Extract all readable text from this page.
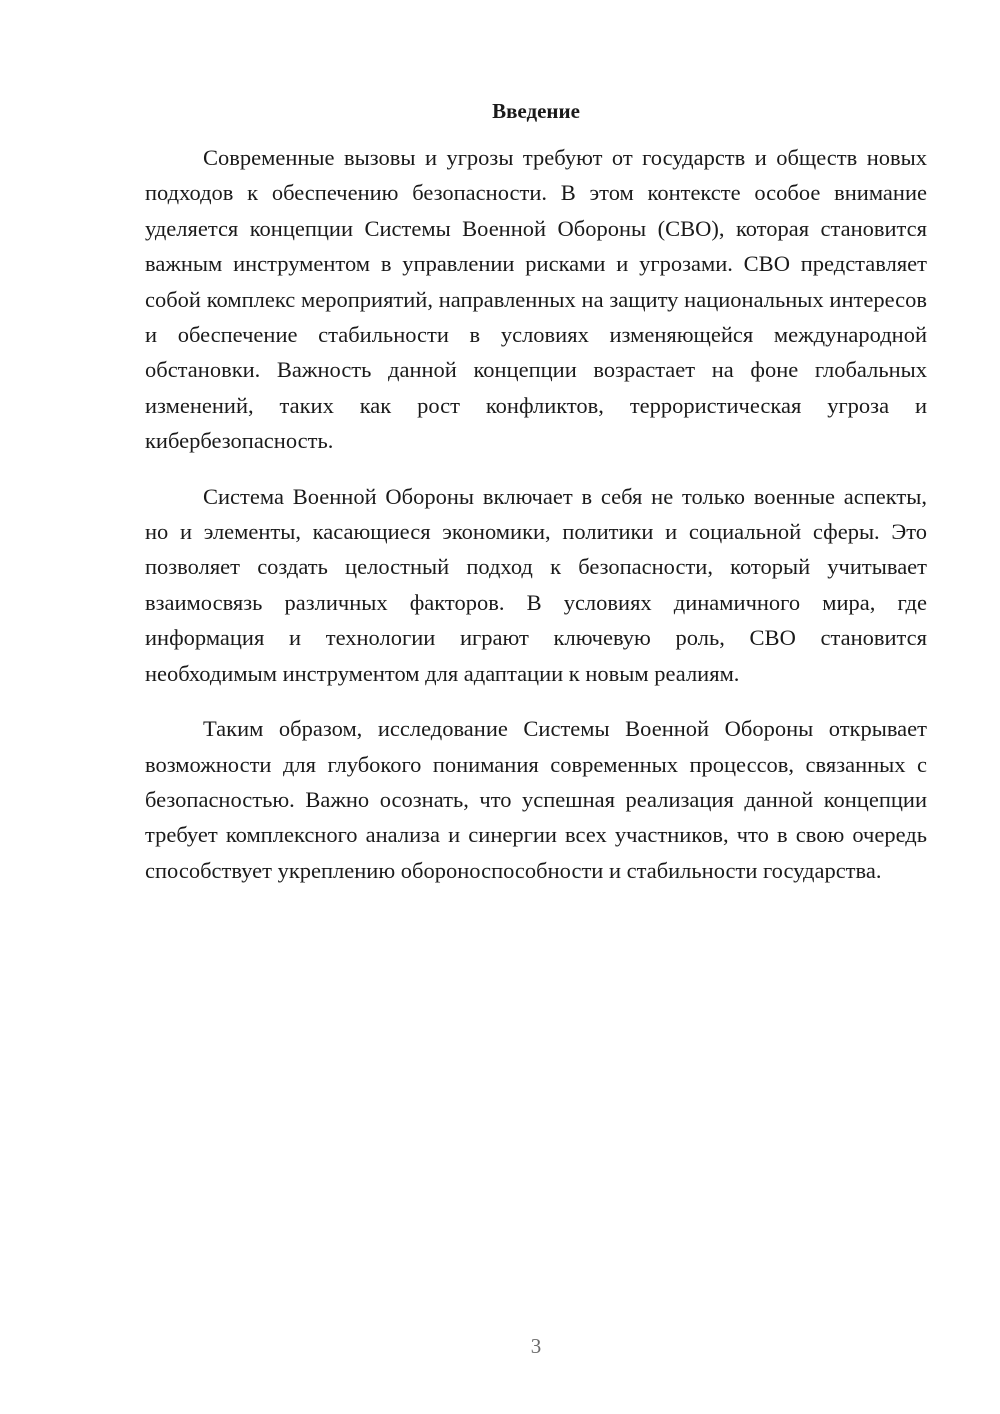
Введение

Современные вызовы и угрозы требуют от государств и обществ новых подходов к обеспечению безопасности. В этом контексте особое внимание уделяется концепции Системы Военной Обороны (СВО), которая становится важным инструментом в управлении рисками и угрозами. СВО представляет собой комплекс мероприятий, направленных на защиту национальных интересов и обеспечение стабильности в условиях изменяющейся международной обстановки. Важность данной концепции возрастает на фоне глобальных изменений, таких как рост конфликтов, террористическая угроза и кибербезопасность.

Система Военной Обороны включает в себя не только военные аспекты, но и элементы, касающиеся экономики, политики и социальной сферы. Это позволяет создать целостный подход к безопасности, который учитывает взаимосвязь различных факторов. В условиях динамичного мира, где информация и технологии играют ключевую роль, СВО становится необходимым инструментом для адаптации к новым реалиям.

Таким образом, исследование Системы Военной Обороны открывает возможности для глубокого понимания современных процессов, связанных с безопасностью. Важно осознать, что успешная реализация данной концепции требует комплексного анализа и синергии всех участников, что в свою очередь способствует укреплению обороноспособности и стабильности государства.

3
